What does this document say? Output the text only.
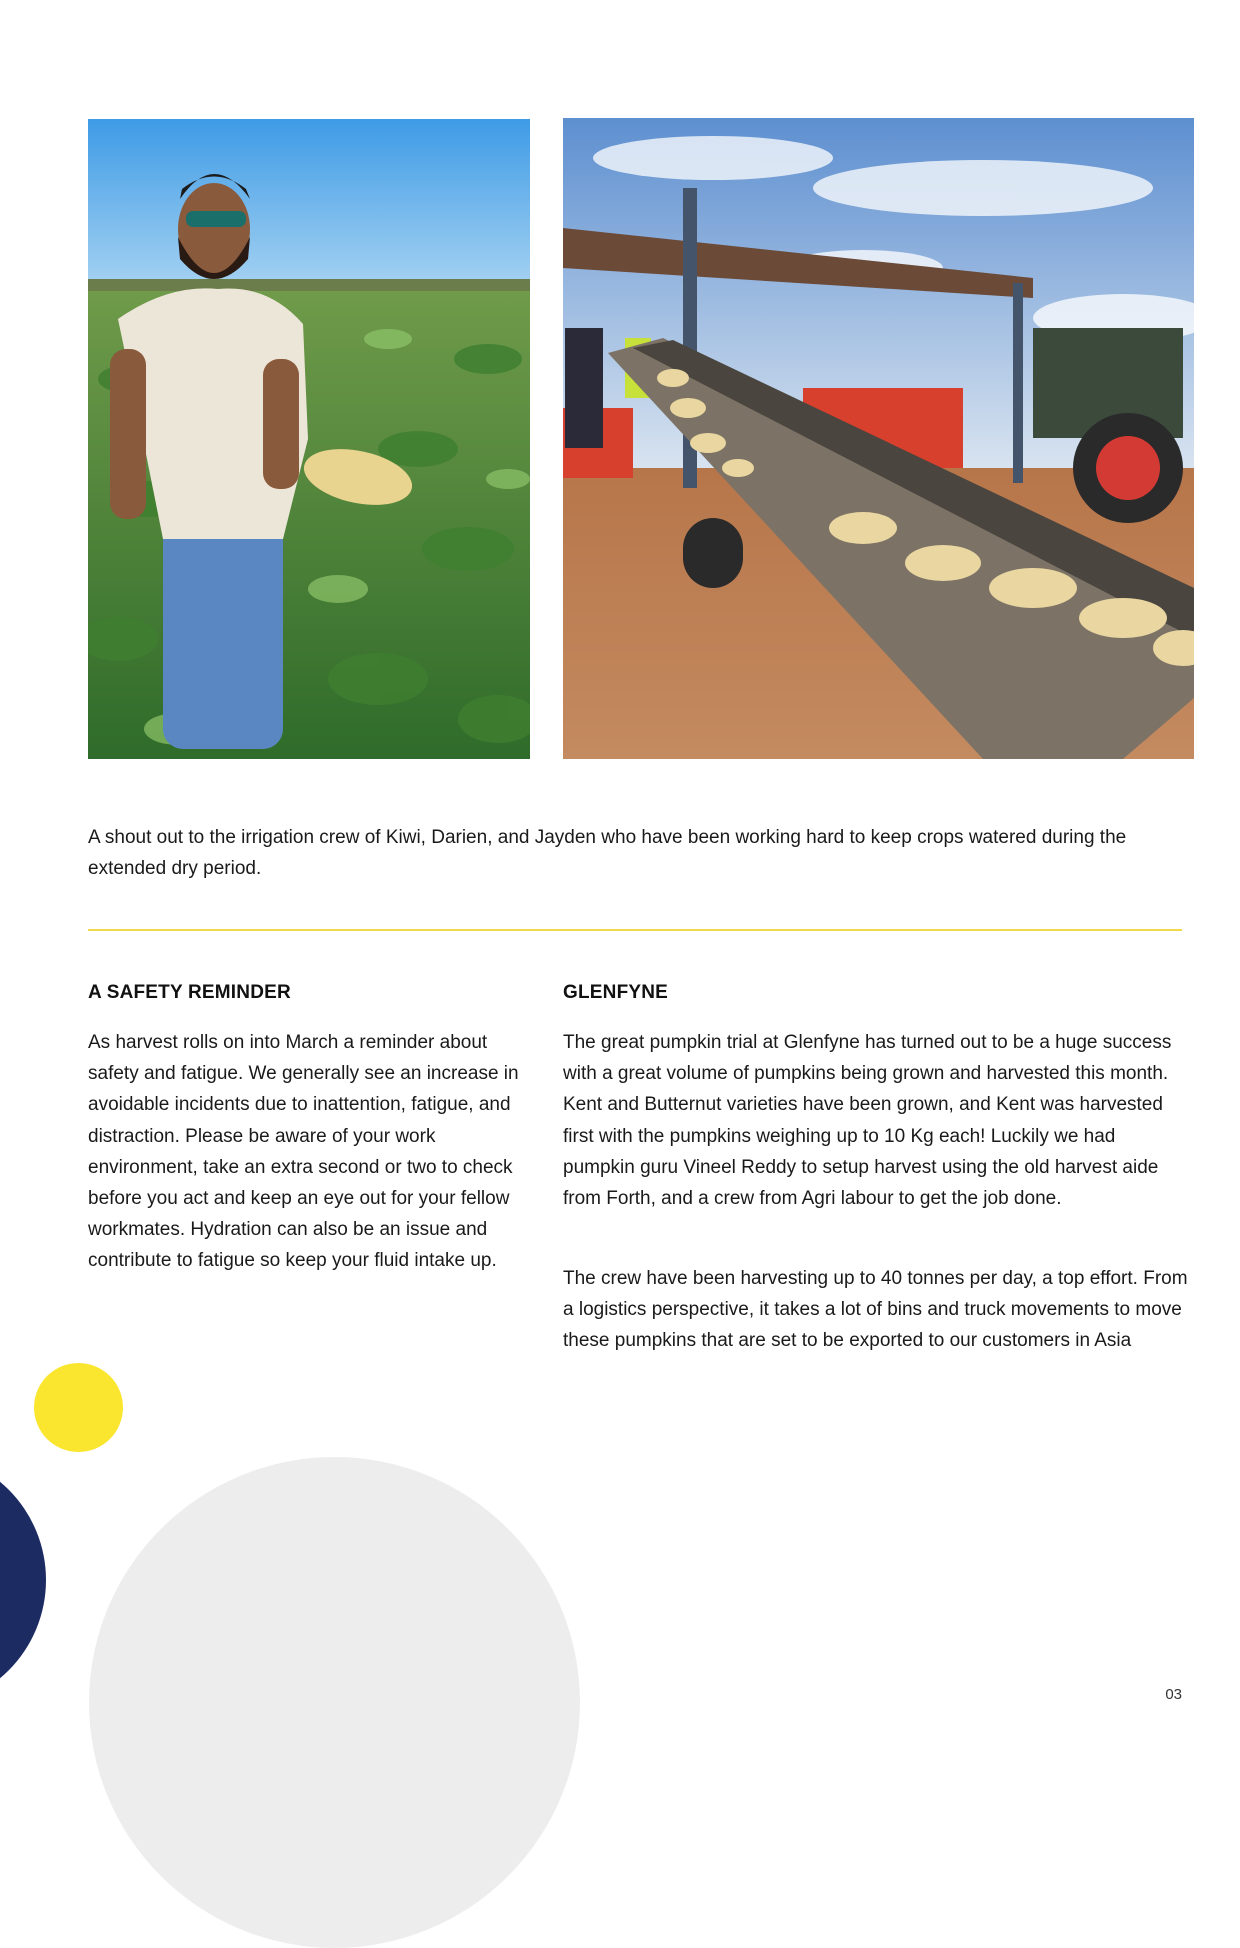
A shout out to the irrigation crew of Kiwi, Darien, and Jayden who have been working hard to keep crops watered during the extended dry period.
A SAFETY REMINDER

As harvest rolls on into March a reminder about safety and fatigue. We generally see an increase in avoidable incidents due to inattention, fatigue, and distraction. Please be aware of your work environment, take an extra second or two to check before you act and keep an eye out for your fellow workmates. Hydration can also be an issue and contribute to fatigue so keep your fluid intake up.

GLENFYNE

The great pumpkin trial at Glenfyne has turned out to be a huge success with a great volume of pumpkins being grown and harvested this month. Kent and Butternut varieties have been grown, and Kent was harvested first with the pumpkins weighing up to 10 Kg each! Luckily we had pumpkin guru Vineel Reddy to setup harvest using the old harvest aide from Forth, and a crew from Agri labour to get the job done.

The crew have been harvesting up to 40 tonnes per day, a top effort. From a logistics perspective, it takes a lot of bins and truck movements to move these pumpkins that are set to be exported to our customers in Asia

03
